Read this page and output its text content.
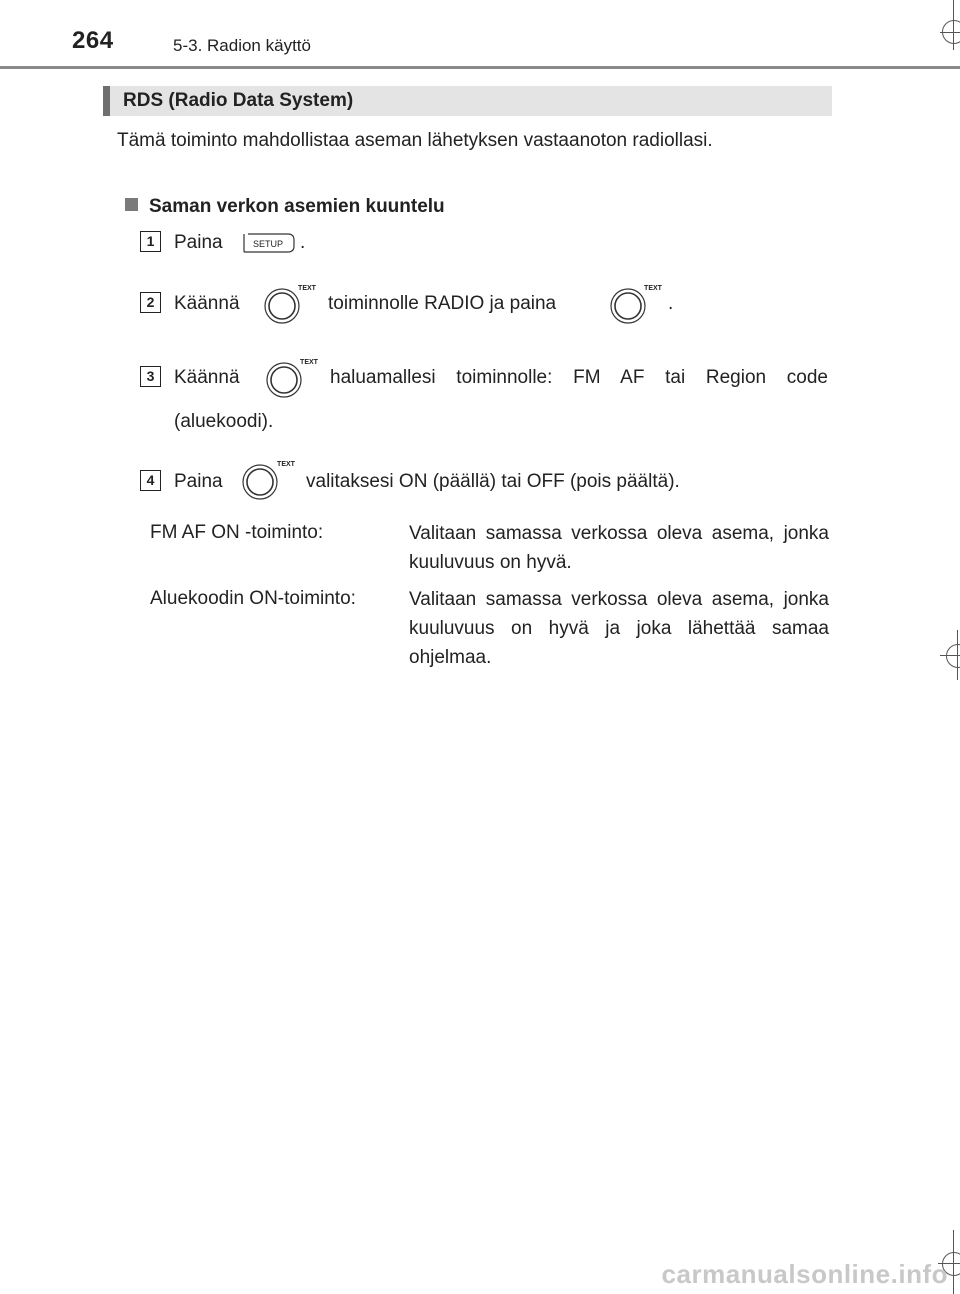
264	5-3. Radion käyttö
RDS (Radio Data System)
Tämä toiminto mahdollistaa aseman lähetyksen vastaanoton radiollasi.
Saman verkon asemien kuuntelu
1	Paina	SETUP .
2	Käännä
TEXT
toiminnolle RADIO ja paina
TEXT
.
3	Käännä
TEXT
haluamallesi toiminnolle: FM AF tai Region code
(aluekoodi).
4	Paina
TEXT
valitaksesi ON (päällä) tai OFF (pois päältä).
FM AF ON -toiminto:	Valitaan samassa verkossa oleva asema, jonka kuuluvuus on hyvä.
Aluekoodin ON-toiminto:	Valitaan samassa verkossa oleva asema, jonka kuuluvuus on hyvä ja joka lähettää samaa ohjelmaa.
carmanualsonline.info
